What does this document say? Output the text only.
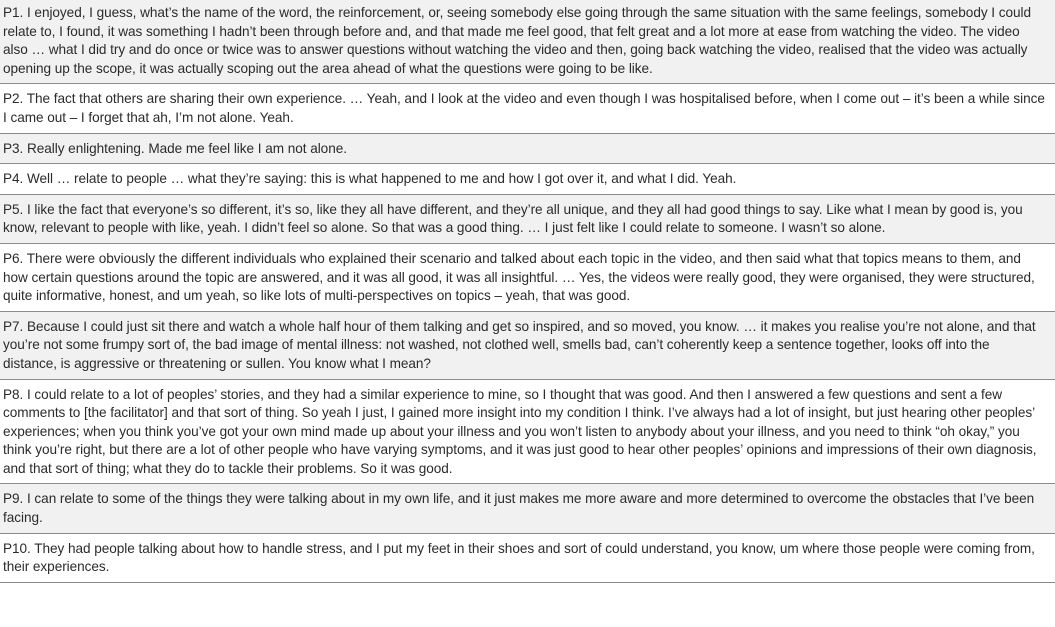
P1. I enjoyed, I guess, what’s the name of the word, the reinforcement, or, seeing somebody else going through the same situation with the same feelings, somebody I could relate to, I found, it was something I hadn’t been through before and, and that made me feel good, that felt great and a lot more at ease from watching the video. The video also … what I did try and do once or twice was to answer questions without watching the video and then, going back watching the video, realised that the video was actually opening up the scope, it was actually scoping out the area ahead of what the questions were going to be like.
P2. The fact that others are sharing their own experience. … Yeah, and I look at the video and even though I was hospitalised before, when I come out – it’s been a while since I came out – I forget that ah, I’m not alone. Yeah.
P3. Really enlightening. Made me feel like I am not alone.
P4. Well … relate to people … what they’re saying: this is what happened to me and how I got over it, and what I did. Yeah.
P5. I like the fact that everyone’s so different, it’s so, like they all have different, and they’re all unique, and they all had good things to say. Like what I mean by good is, you know, relevant to people with like, yeah. I didn’t feel so alone. So that was a good thing. … I just felt like I could relate to someone. I wasn’t so alone.
P6. There were obviously the different individuals who explained their scenario and talked about each topic in the video, and then said what that topics means to them, and how certain questions around the topic are answered, and it was all good, it was all insightful. … Yes, the videos were really good, they were organised, they were structured, quite informative, honest, and um yeah, so like lots of multi-perspectives on topics – yeah, that was good.
P7. Because I could just sit there and watch a whole half hour of them talking and get so inspired, and so moved, you know. … it makes you realise you’re not alone, and that you’re not some frumpy sort of, the bad image of mental illness: not washed, not clothed well, smells bad, can’t coherently keep a sentence together, looks off into the distance, is aggressive or threatening or sullen. You know what I mean?
P8. I could relate to a lot of peoples’ stories, and they had a similar experience to mine, so I thought that was good. And then I answered a few questions and sent a few comments to [the facilitator] and that sort of thing. So yeah I just, I gained more insight into my condition I think. I’ve always had a lot of insight, but just hearing other peoples’ experiences; when you think you’ve got your own mind made up about your illness and you won’t listen to anybody about your illness, and you need to think “oh okay,” you think you’re right, but there are a lot of other people who have varying symptoms, and it was just good to hear other peoples’ opinions and impressions of their own diagnosis, and that sort of thing; what they do to tackle their problems. So it was good.
P9. I can relate to some of the things they were talking about in my own life, and it just makes me more aware and more determined to overcome the obstacles that I’ve been facing.
P10. They had people talking about how to handle stress, and I put my feet in their shoes and sort of could understand, you know, um where those people were coming from, their experiences.
